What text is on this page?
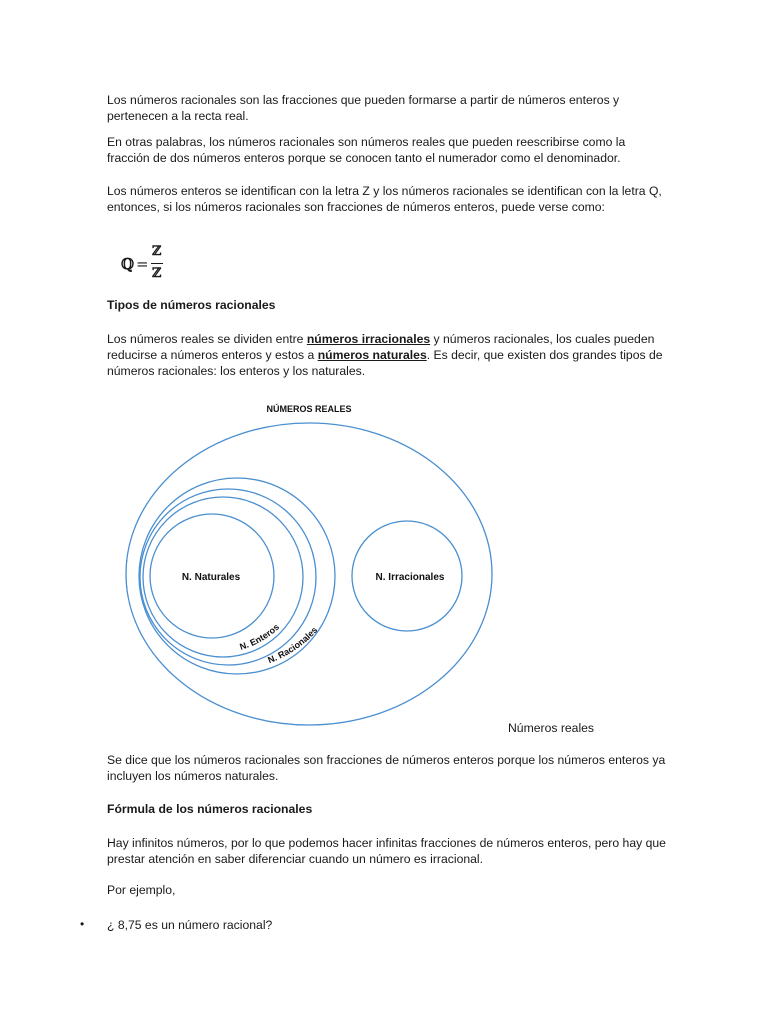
Los números racionales son las fracciones que pueden formarse a partir de números enteros y pertenecen a la recta real.

En otras palabras, los números racionales son números reales que pueden reescribirse como la fracción de dos números enteros porque se conocen tanto el numerador como el denominador.

Los números enteros se identifican con la letra Z y los números racionales se identifican con la letra Q, entonces, si los números racionales son fracciones de números enteros, puede verse como:

ℚ =
ℤ
ℤ

Tipos de números racionales

Los números reales se dividen entre números irracionales y números racionales, los cuales pueden reducirse a números enteros y estos a números naturales. Es decir, que existen dos grandes tipos de números racionales: los enteros y los naturales.

NÚMEROS REALES
N. Naturales	N. Irracionales
N. Enteros
N. Racionales
Números reales

Se dice que los números racionales son fracciones de números enteros porque los números enteros ya incluyen los números naturales.

Fórmula de los números racionales

Hay infinitos números, por lo que podemos hacer infinitas fracciones de números enteros, pero hay que prestar atención en saber diferenciar cuando un número es irracional.

Por ejemplo,

• ¿ 8,75 es un número racional?
